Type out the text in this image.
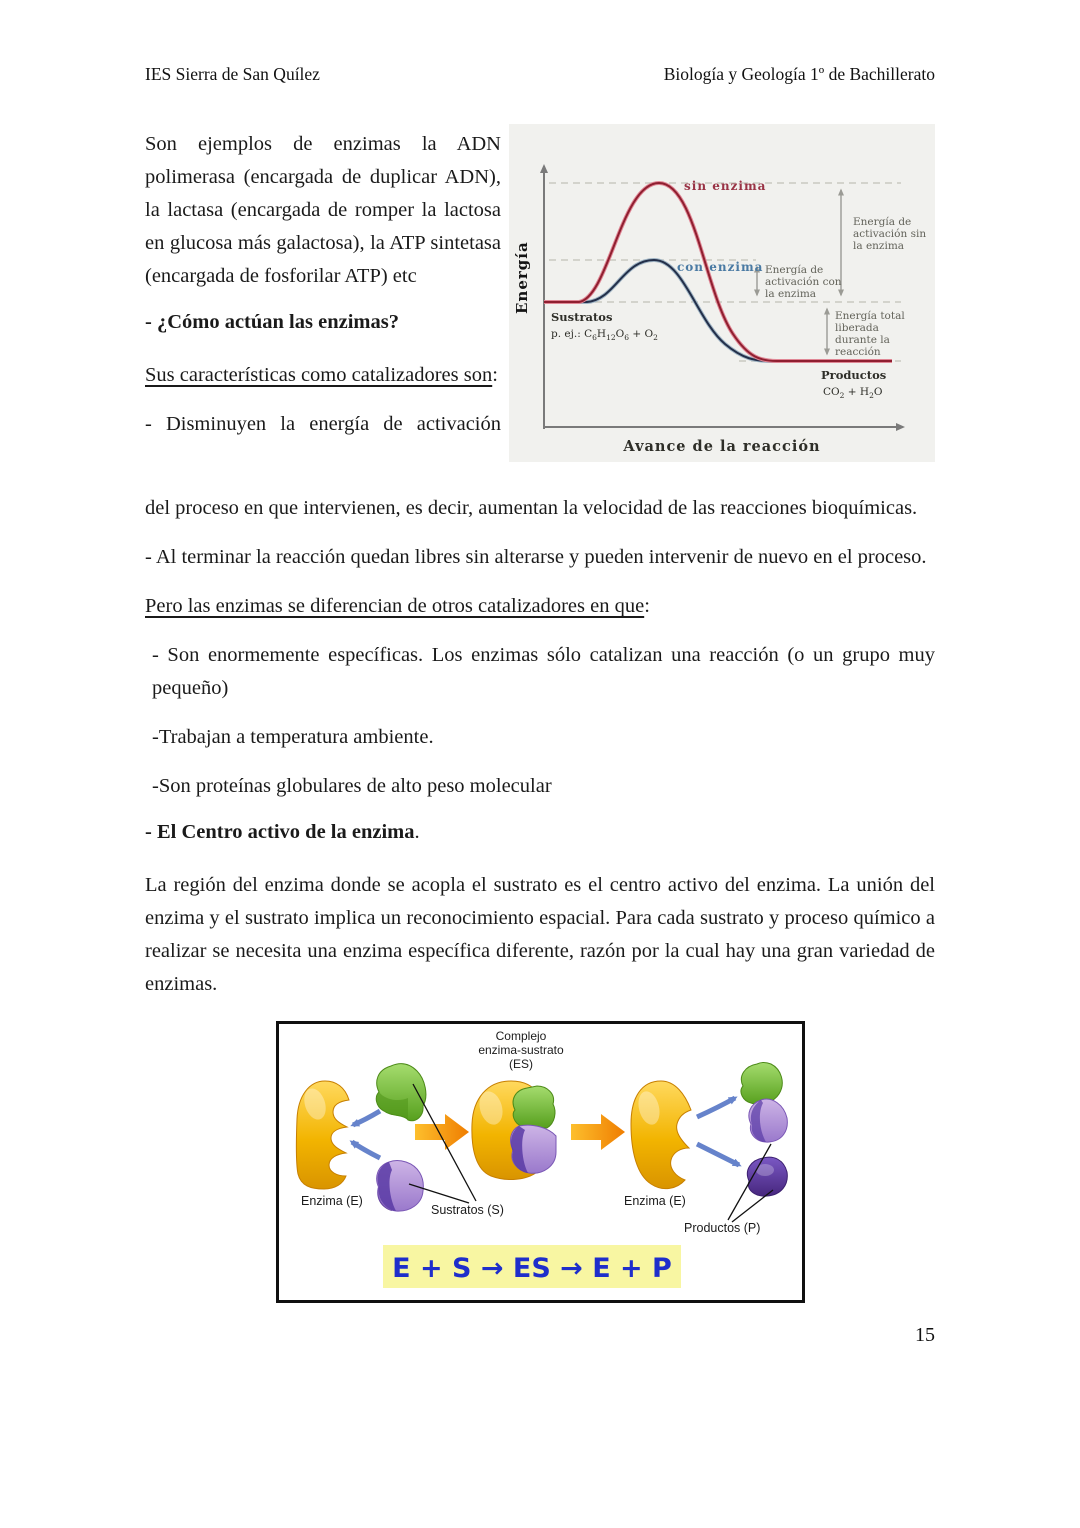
IES Sierra de San Quílez	Biología y Geología 1º de Bachillerato
sin enzima
con enzima
Energía de
activación sin
la enzima
Energía de
activación con
la enzima
Energía total
liberada
durante la
reacción
Sustratos
p. ej.: $C_6H_{12}O_6 + O_2$
Productos
$CO_2 + H_2O$
Avance de la reacción
Energía

Son ejemplos de enzimas la ADN polimerasa (encargada de duplicar ADN), la lactasa (encargada de romper la lactosa en glucosa más galactosa), la ATP sintetasa (encargada de fosforilar ATP) etc

- ¿Cómo actúan las enzimas?

Sus características como catalizadores son:

- Disminuyen la energía de activación

del proceso en que intervienen, es decir, aumentan la velocidad de las reacciones bioquímicas.

- Al terminar la reacción quedan libres sin alterarse y pueden intervenir de nuevo en el proceso.

Pero las enzimas se diferencian de otros catalizadores en que:

- Son enormemente específicas. Los enzimas sólo catalizan una reacción (o un grupo muy pequeño)

-Trabajan a temperatura ambiente.

-Son proteínas globulares de alto peso molecular

- El Centro activo de la enzima.

La región del enzima donde se acopla el sustrato es el centro activo del enzima. La unión del enzima y el sustrato implica un reconocimiento espacial. Para cada sustrato y proceso químico a realizar se necesita una enzima específica diferente, razón por la cual hay una gran variedad de enzimas.

Complejo
enzima-sustrato
(ES)
Enzima (E)
Sustratos (S)
Enzima (E)
Productos (P)
E + S → ES → E + P
15
